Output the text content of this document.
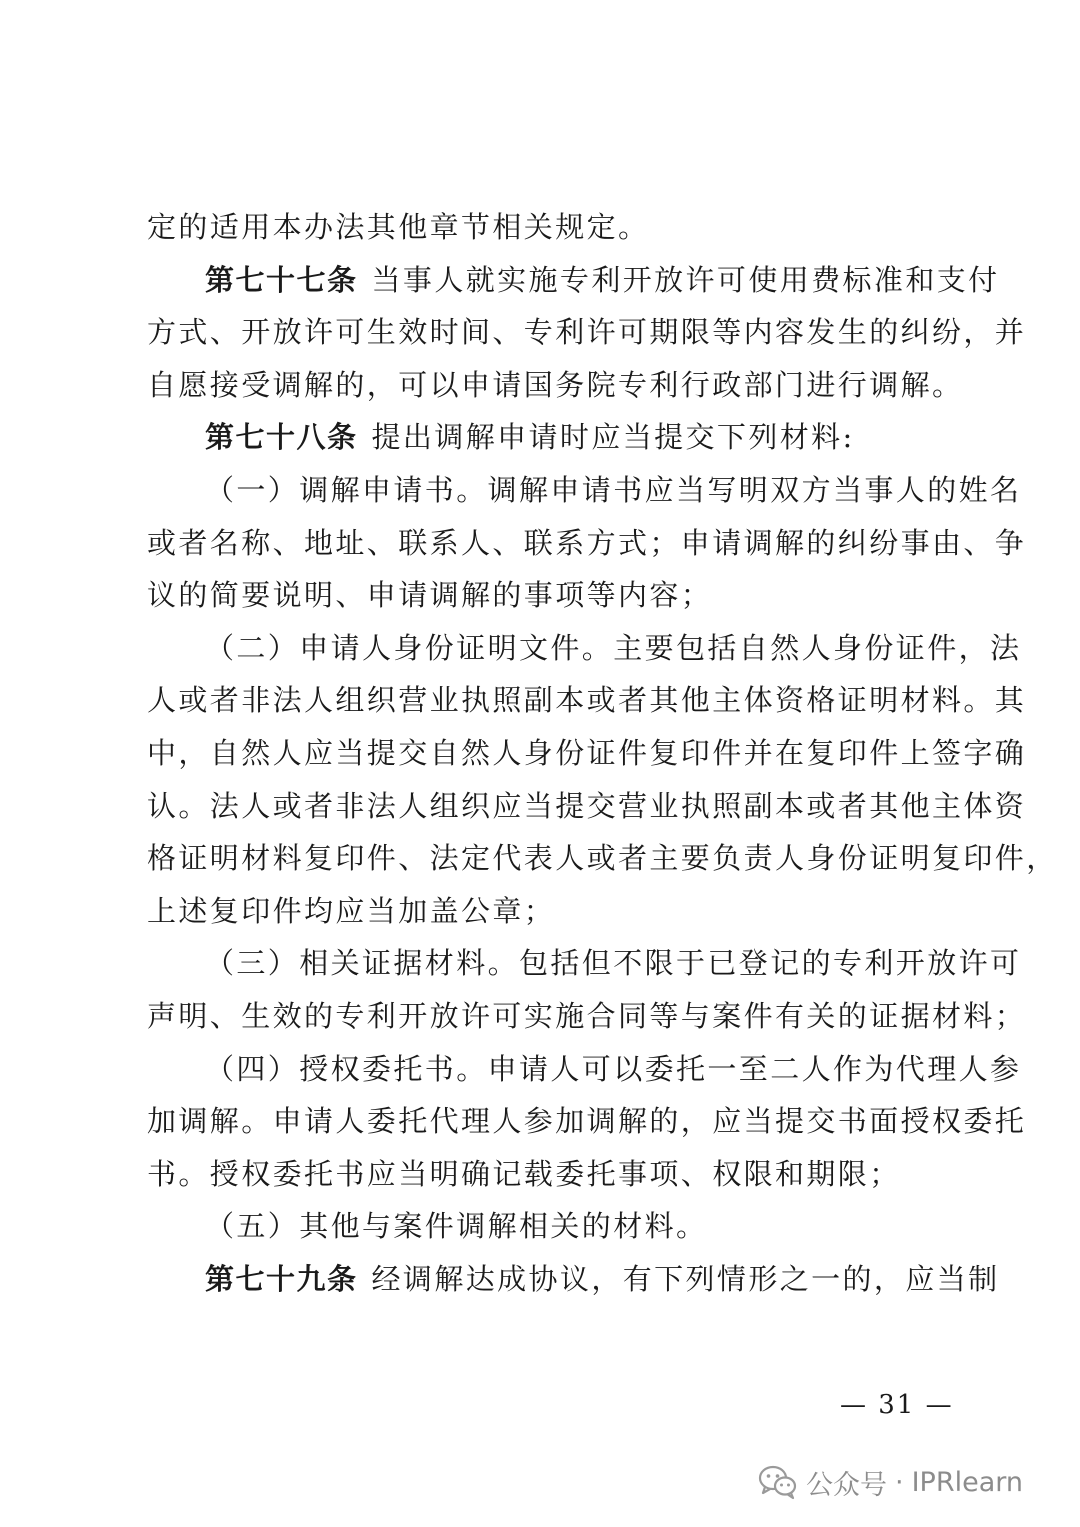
定的适用本办法其他章节相关规定。
第七十七条 当事人就实施专利开放许可使用费标准和支付
方式、开放许可生效时间、专利许可期限等内容发生的纠纷，并
自愿接受调解的，可以申请国务院专利行政部门进行调解。
第七十八条 提出调解申请时应当提交下列材料:
（一）调解申请书。调解申请书应当写明双方当事人的姓名
或者名称、地址、联系人、联系方式；申请调解的纠纷事由、争
议的简要说明、申请调解的事项等内容；
（二）申请人身份证明文件。主要包括自然人身份证件，法
人或者非法人组织营业执照副本或者其他主体资格证明材料。其
中，自然人应当提交自然人身份证件复印件并在复印件上签字确
认。法人或者非法人组织应当提交营业执照副本或者其他主体资
格证明材料复印件、法定代表人或者主要负责人身份证明复印件，
上述复印件均应当加盖公章；
（三）相关证据材料。包括但不限于已登记的专利开放许可
声明、生效的专利开放许可实施合同等与案件有关的证据材料；
（四）授权委托书。申请人可以委托一至二人作为代理人参
加调解。申请人委托代理人参加调解的，应当提交书面授权委托
书。授权委托书应当明确记载委托事项、权限和期限；
（五）其他与案件调解相关的材料。
第七十九条 经调解达成协议，有下列情形之一的，应当制
— 31 —
公众号 · IPRlearn
